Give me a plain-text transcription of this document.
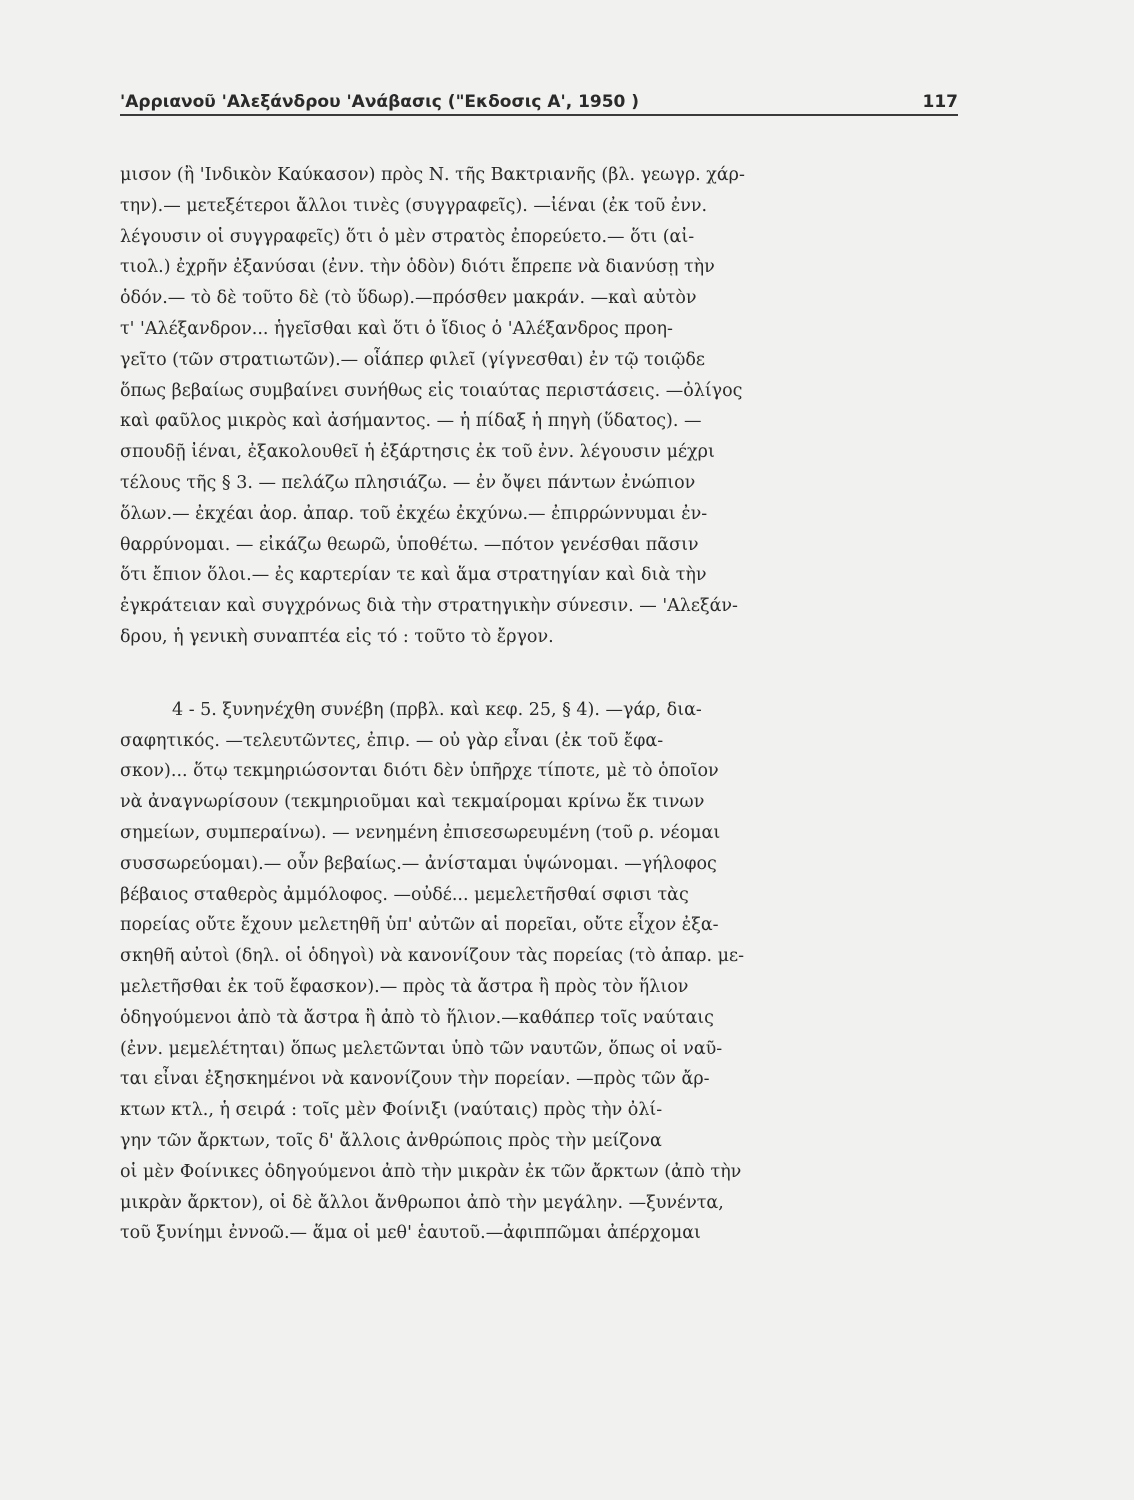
'Αρριανοῦ 'Αλεξάνδρου 'Ανάβασις ("Εκδοσις Α', 1950 )	117
μισον (ἢ 'Ινδικὸν Καύκασον) πρὸς Ν. τῆς Βακτριανῆς (βλ. γεωγρ. χάρ-
την).— μετεξέτεροι ἄλλοι τινὲς (συγγραφεῖς). —ἰέναι (ἐκ τοῦ ἐνν.
λέγουσιν οἱ συγγραφεῖς) ὅτι ὁ μὲν στρατὸς ἐπορεύετο.— ὅτι (αἰ-
τιολ.) ἐχρῆν ἐξανύσαι (ἐνν. τὴν ὁδὸν) διότι ἔπρεπε νὰ διανύσῃ τὴν
ὁδόν.— τὸ δὲ τοῦτο δὲ (τὸ ὕδωρ).—πρόσθεν μακράν. —καὶ αὐτὸν
τ' 'Αλέξανδρον... ἡγεῖσθαι καὶ ὅτι ὁ ἴδιος ὁ 'Αλέξανδρος προη-
γεῖτο (τῶν στρατιωτῶν).— οἷάπερ φιλεῖ (γίγνεσθαι) ἐν τῷ τοιῷδε
ὅπως βεβαίως συμβαίνει συνήθως εἰς τοιαύτας περιστάσεις. —ὀλίγος
καὶ φαῦλος μικρὸς καὶ ἀσήμαντος. — ἡ πίδαξ ἡ πηγὴ (ὕδατος). —
σπουδῇ ἰέναι, ἐξακολουθεῖ ἡ ἐξάρτησις ἐκ τοῦ ἐνν. λέγουσιν μέχρι
τέλους τῆς § 3. — πελάζω πλησιάζω. — ἐν ὄψει πάντων ἐνώπιον
ὅλων.— ἐκχέαι ἀορ. ἀπαρ. τοῦ ἐκχέω ἐκχύνω.— ἐπιρρώννυμαι ἐν-
θαρρύνομαι. — εἰκάζω θεωρῶ, ὑποθέτω. —πότον γενέσθαι πᾶσιν
ὅτι ἔπιον ὅλοι.— ἐς καρτερίαν τε καὶ ἅμα στρατηγίαν καὶ διὰ τὴν
ἐγκράτειαν καὶ συγχρόνως διὰ τὴν στρατηγικὴν σύνεσιν. — 'Αλεξάν-
δρου, ἡ γενικὴ συναπτέα εἰς τό : τοῦτο τὸ ἔργον.
4 - 5. ξυνηνέχθη συνέβη (πρβλ. καὶ κεφ. 25, § 4). —γάρ, δια-
σαφητικός. —τελευτῶντες, ἐπιρ. — οὐ γὰρ εἶναι (ἐκ τοῦ ἔφα-
σκον)... ὅτῳ τεκμηριώσονται διότι δὲν ὑπῆρχε τίποτε, μὲ τὸ ὁποῖον
νὰ ἀναγνωρίσουν (τεκμηριοῦμαι καὶ τεκμαίρομαι κρίνω ἔκ τινων
σημείων, συμπεραίνω). — νενημένη ἐπισεσωρευμένη (τοῦ ρ. νέομαι
συσσωρεύομαι).— οὖν βεβαίως.— ἀνίσταμαι ὑψώνομαι. —γήλοφος
βέβαιος σταθερὸς ἀμμόλοφος. —οὐδέ... μεμελετῆσθαί σφισι τὰς
πορείας οὔτε ἔχουν μελετηθῆ ὑπ' αὐτῶν αἱ πορεῖαι, οὔτε εἶχον ἐξα-
σκηθῆ αὐτοὶ (δηλ. οἱ ὁδηγοὶ) νὰ κανονίζουν τὰς πορείας (τὸ ἀπαρ. με-
μελετῆσθαι ἐκ τοῦ ἔφασκον).— πρὸς τὰ ἄστρα ἢ πρὸς τὸν ἥλιον
ὁδηγούμενοι ἀπὸ τὰ ἄστρα ἢ ἀπὸ τὸ ἥλιον.—καθάπερ τοῖς ναύταις
(ἐνν. μεμελέτηται) ὅπως μελετῶνται ὑπὸ τῶν ναυτῶν, ὅπως οἱ ναῦ-
ται εἶναι ἐξησκημένοι νὰ κανονίζουν τὴν πορείαν. —πρὸς τῶν ἄρ-
κτων κτλ., ἡ σειρά : τοῖς μὲν Φοίνιξι (ναύταις) πρὸς τὴν ὀλί-
γην τῶν ἄρκτων, τοῖς δ' ἄλλοις ἀνθρώποις πρὸς τὴν μείζονα
οἱ μὲν Φοίνικες ὁδηγούμενοι ἀπὸ τὴν μικρὰν ἐκ τῶν ἄρκτων (ἀπὸ τὴν
μικρὰν ἄρκτον), οἱ δὲ ἄλλοι ἄνθρωποι ἀπὸ τὴν μεγάλην. —ξυνέντα,
τοῦ ξυνίημι ἐννοῶ.— ἅμα οἱ μεθ' ἑαυτοῦ.—ἀφιππῶμαι ἀπέρχομαι
